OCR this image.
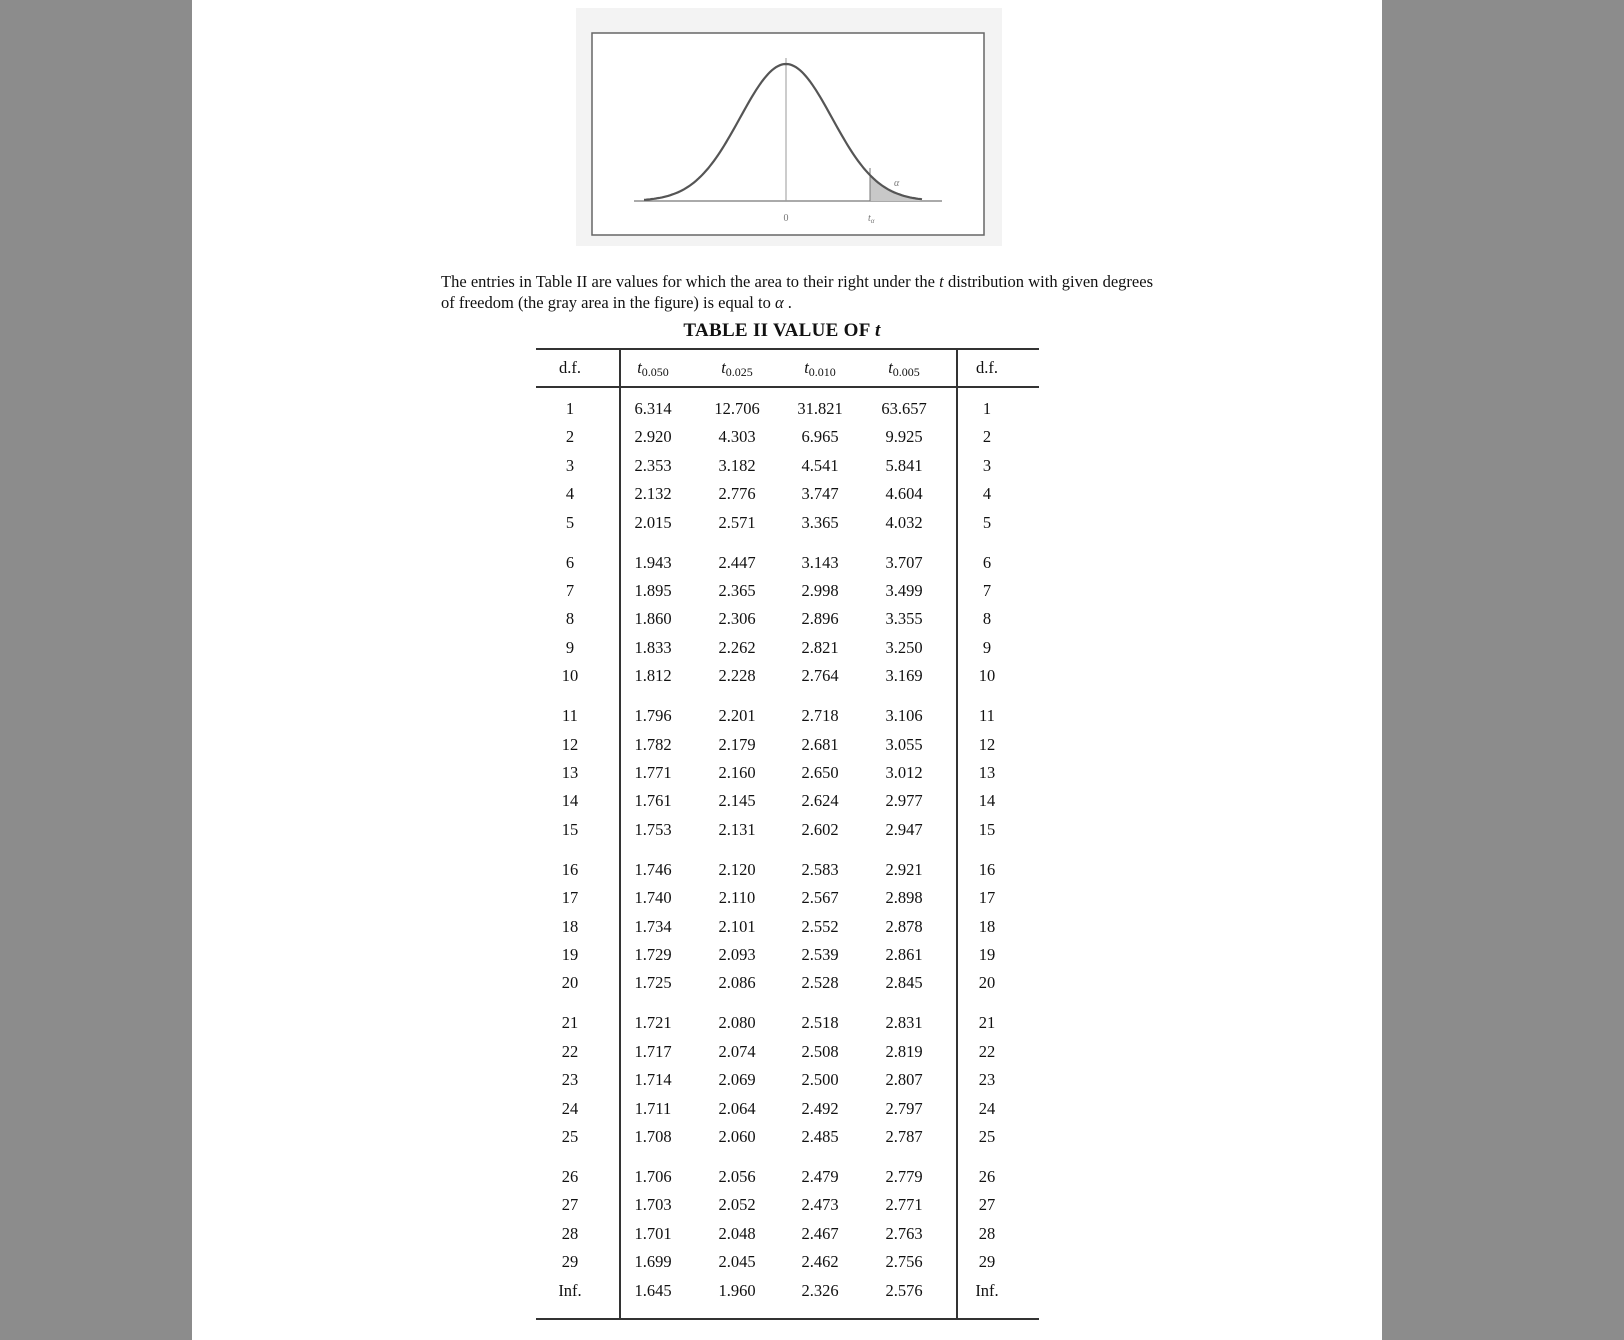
0	$t_\alpha$
α
The entries in Table II are values for which the area to their right under the t distribution with given degrees of freedom (the gray area in the figure) is equal to α .
TABLE II VALUE OF t
d.f.	$t_{0.050}$	$t_{0.025}$	$t_{0.010}$	$t_{0.005}$	d.f.
1	6.314	12.706	31.821	63.657	1
2	2.920	4.303	6.965	9.925	2
3	2.353	3.182	4.541	5.841	3
4	2.132	2.776	3.747	4.604	4
5	2.015	2.571	3.365	4.032	5
6	1.943	2.447	3.143	3.707	6
7	1.895	2.365	2.998	3.499	7
8	1.860	2.306	2.896	3.355	8
9	1.833	2.262	2.821	3.250	9
10	1.812	2.228	2.764	3.169	10
11	1.796	2.201	2.718	3.106	11
12	1.782	2.179	2.681	3.055	12
13	1.771	2.160	2.650	3.012	13
14	1.761	2.145	2.624	2.977	14
15	1.753	2.131	2.602	2.947	15
16	1.746	2.120	2.583	2.921	16
17	1.740	2.110	2.567	2.898	17
18	1.734	2.101	2.552	2.878	18
19	1.729	2.093	2.539	2.861	19
20	1.725	2.086	2.528	2.845	20
21	1.721	2.080	2.518	2.831	21
22	1.717	2.074	2.508	2.819	22
23	1.714	2.069	2.500	2.807	23
24	1.711	2.064	2.492	2.797	24
25	1.708	2.060	2.485	2.787	25
26	1.706	2.056	2.479	2.779	26
27	1.703	2.052	2.473	2.771	27
28	1.701	2.048	2.467	2.763	28
29	1.699	2.045	2.462	2.756	29
Inf.	1.645	1.960	2.326	2.576	Inf.
